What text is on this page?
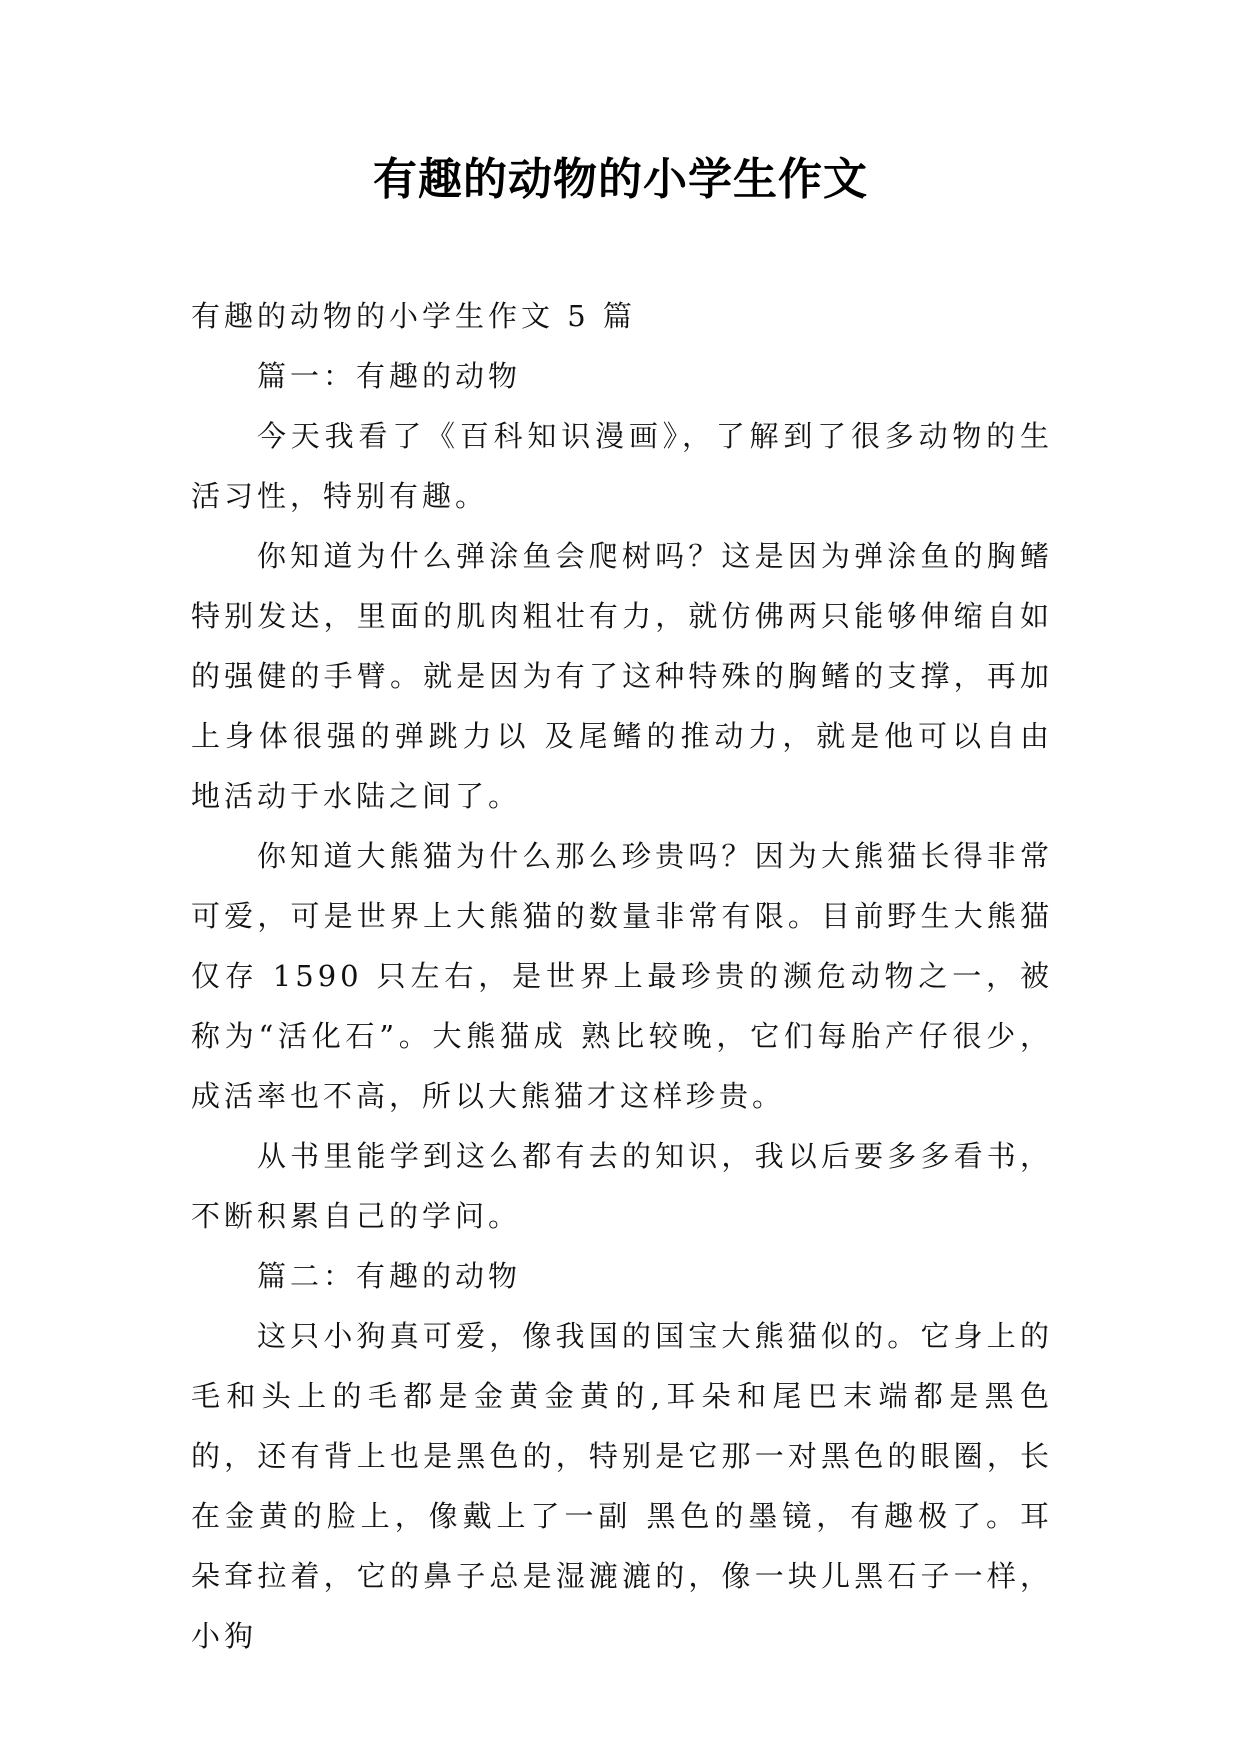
有趣的动物的小学生作文

有趣的动物的小学生作文 5 篇

篇一：有趣的动物

今天我看了《百科知识漫画》，了解到了很多动物的生活习性，特别有趣。

你知道为什么弹涂鱼会爬树吗？这是因为弹涂鱼的胸鳍特别发达，里面的肌肉粗壮有力，就仿佛两只能够伸缩自如的强健的手臂。就是因为有了这种特殊的胸鳍的支撑，再加上身体很强的弹跳力以 及尾鳍的推动力，就是他可以自由地活动于水陆之间了。

你知道大熊猫为什么那么珍贵吗？因为大熊猫长得非常可爱，可是世界上大熊猫的数量非常有限。目前野生大熊猫仅存 1590 只左右，是世界上最珍贵的濒危动物之一，被称为“活化石”。大熊猫成 熟比较晚，它们每胎产仔很少，成活率也不高，所以大熊猫才这样珍贵。

从书里能学到这么都有去的知识，我以后要多多看书，不断积累自己的学问。

篇二：有趣的动物

这只小狗真可爱，像我国的国宝大熊猫似的。它身上的毛和头上的毛都是金黄金黄的,耳朵和尾巴末端都是黑色的，还有背上也是黑色的，特别是它那一对黑色的眼圈，长在金黄的脸上，像戴上了一副 黑色的墨镜，有趣极了。耳朵耷拉着，它的鼻子总是湿漉漉的，像一块儿黑石子一样，小狗
